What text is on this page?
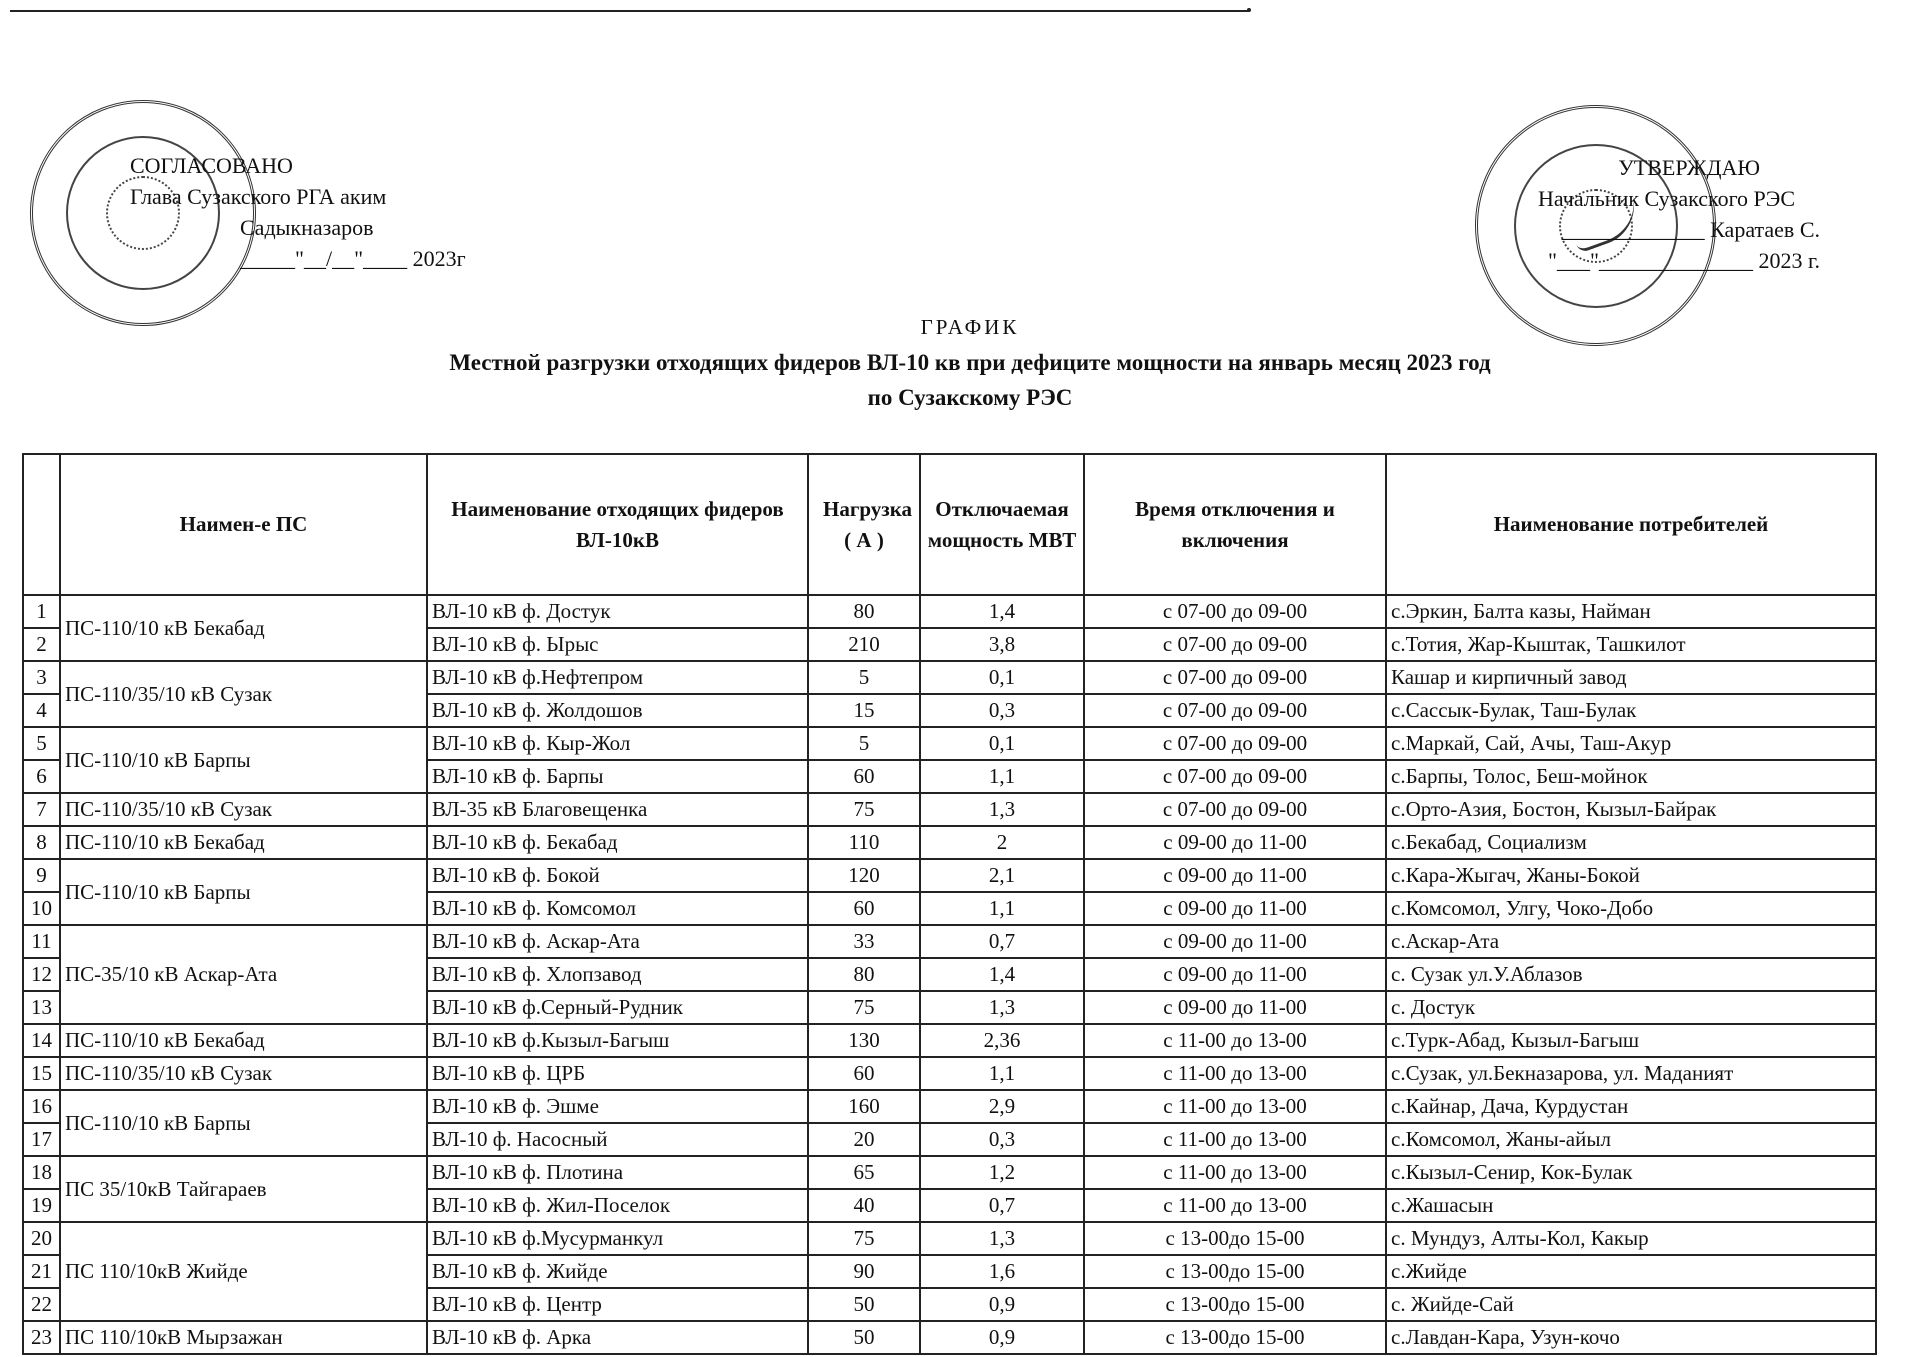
СОГЛАСОВАНО
Глава Сузакского РГА аким
Садыкназаров
_____"__/__"____ 2023г
УТВЕРЖДАЮ
Начальник Сузакского РЭС
_____________ Каратаев С.
"___"______________ 2023 г.
ГРАФИК
Местной разгрузки отходящих фидеров ВЛ-10 кв при дефиците мощности на январь месяц 2023 год
по Сузакскому РЭС
	Наимен-е ПС	Наименование отходящих фидеров ВЛ-10кВ	Нагрузка ( А )	Отключаемая мощность МВТ	Время отключения и включения	Наименование потребителей
1	ПС-110/10 кВ Бекабад	ВЛ-10 кВ ф. Достук	80	1,4	с 07-00 до 09-00	с.Эркин, Балта казы, Найман
2		ВЛ-10 кВ ф. Ырыс	210	3,8	с 07-00 до 09-00	с.Тотия, Жар-Кыштак, Ташкилот
3	ПС-110/35/10 кВ Сузак	ВЛ-10 кВ ф.Нефтепром	5	0,1	с 07-00 до 09-00	Кашар и кирпичный завод
4		ВЛ-10 кВ ф. Жолдошов	15	0,3	с 07-00 до 09-00	с.Сассык-Булак, Таш-Булак
5	ПС-110/10 кВ Барпы	ВЛ-10 кВ ф. Кыр-Жол	5	0,1	с 07-00 до 09-00	с.Маркай, Сай, Ачы, Таш-Акур
6		ВЛ-10 кВ ф. Барпы	60	1,1	с 07-00 до 09-00	с.Барпы, Толос, Беш-мойнок
7	ПС-110/35/10 кВ Сузак	ВЛ-35 кВ Благовещенка	75	1,3	с 07-00 до 09-00	с.Орто-Азия, Бостон, Кызыл-Байрак
8	ПС-110/10 кВ Бекабад	ВЛ-10 кВ ф. Бекабад	110	2	с 09-00 до 11-00	с.Бекабад, Социализм
9	ПС-110/10 кВ Барпы	ВЛ-10 кВ ф. Бокой	120	2,1	с 09-00 до 11-00	с.Кара-Жыгач, Жаны-Бокой
10		ВЛ-10 кВ ф. Комсомол	60	1,1	с 09-00 до 11-00	с.Комсомол, Улгу, Чоко-Добо
11	ПС-35/10 кВ Аскар-Ата	ВЛ-10 кВ ф. Аскар-Ата	33	0,7	с 09-00 до 11-00	с.Аскар-Ата
12		ВЛ-10 кВ ф. Хлопзавод	80	1,4	с 09-00 до 11-00	с. Сузак ул.У.Аблазов
13		ВЛ-10 кВ ф.Серный-Рудник	75	1,3	с 09-00 до 11-00	с. Достук
14	ПС-110/10 кВ Бекабад	ВЛ-10 кВ ф.Кызыл-Багыш	130	2,36	с 11-00 до 13-00	с.Турк-Абад, Кызыл-Багыш
15	ПС-110/35/10 кВ Сузак	ВЛ-10 кВ ф. ЦРБ	60	1,1	с 11-00 до 13-00	с.Сузак, ул.Бекназарова, ул. Маданият
16	ПС-110/10 кВ Барпы	ВЛ-10 кВ ф. Эшме	160	2,9	с 11-00 до 13-00	с.Кайнар, Дача, Курдустан
17		ВЛ-10 ф. Насосный	20	0,3	с 11-00 до 13-00	с.Комсомол, Жаны-айыл
18	ПС 35/10кВ Тайгараев	ВЛ-10 кВ ф. Плотина	65	1,2	с 11-00 до 13-00	с.Кызыл-Сенир, Кок-Булак
19		ВЛ-10 кВ ф. Жил-Поселок	40	0,7	с 11-00 до 13-00	с.Жашасын
20	ПС 110/10кВ Жийде	ВЛ-10 кВ ф.Мусурманкул	75	1,3	с 13-00до 15-00	с. Мундуз, Алты-Кол, Какыр
21		ВЛ-10 кВ ф. Жийде	90	1,6	с 13-00до 15-00	с.Жийде
22		ВЛ-10 кВ ф. Центр	50	0,9	с 13-00до 15-00	с. Жийде-Сай
23	ПС 110/10кВ Мырзажан	ВЛ-10 кВ ф. Арка	50	0,9	с 13-00до 15-00	с.Лавдан-Кара, Узун-кочо
